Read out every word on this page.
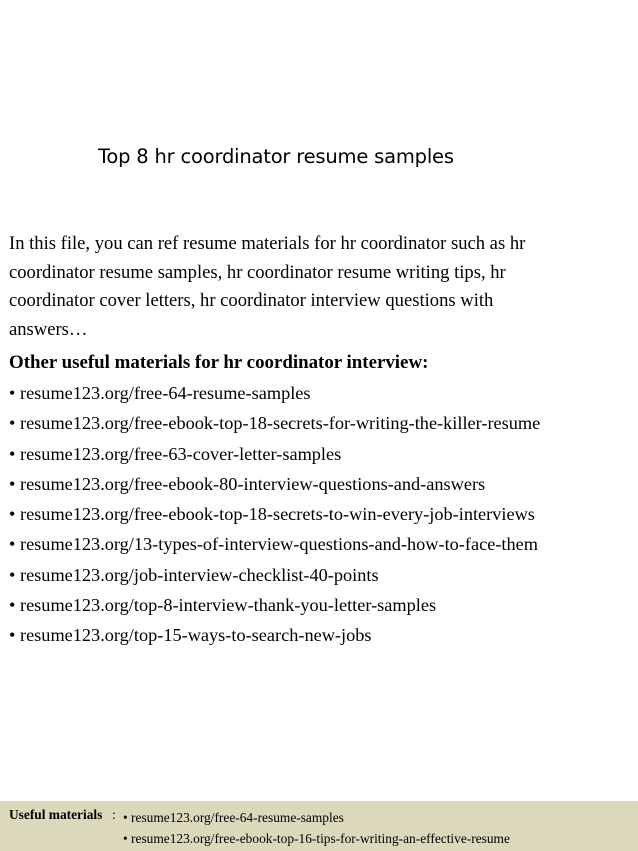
Top 8 hr coordinator resume samples
In this file, you can ref resume materials for hr coordinator such as hr
coordinator resume samples, hr coordinator resume writing tips, hr
coordinator cover letters, hr coordinator interview questions with
answers…
Other useful materials for hr coordinator interview:
• resume123.org/free-64-resume-samples
• resume123.org/free-ebook-top-18-secrets-for-writing-the-killer-resume
• resume123.org/free-63-cover-letter-samples
• resume123.org/free-ebook-80-interview-questions-and-answers
• resume123.org/free-ebook-top-18-secrets-to-win-every-job-interviews
• resume123.org/13-types-of-interview-questions-and-how-to-face-them
• resume123.org/job-interview-checklist-40-points
• resume123.org/top-8-interview-thank-you-letter-samples
• resume123.org/top-15-ways-to-search-new-jobs
Useful materials :
•	resume123.org/free-64-resume-samples
• resume123.org/free-ebook-top-16-tips-for-writing-an-effective-resume
